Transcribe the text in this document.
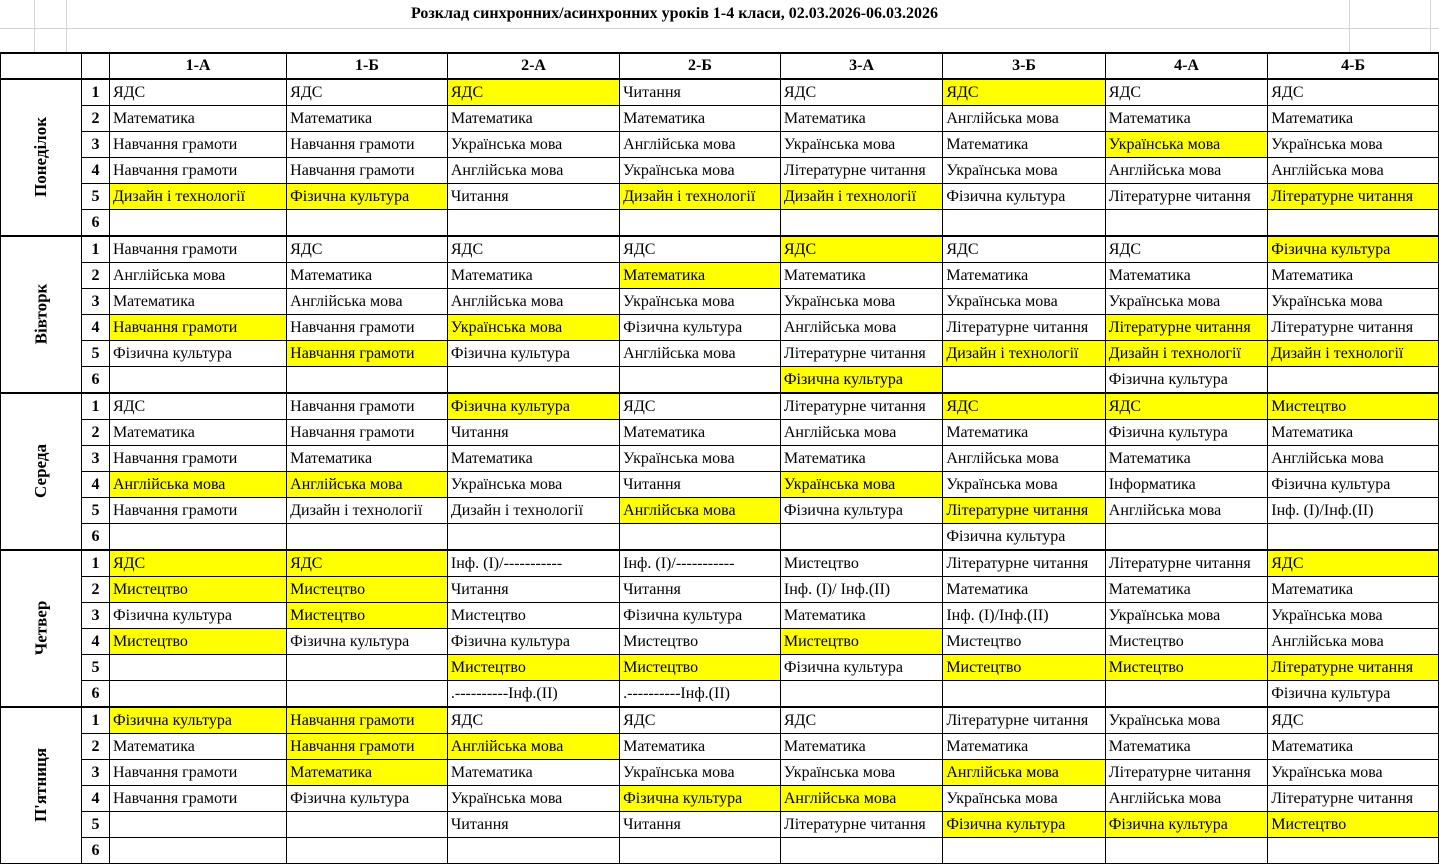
Розклад синхронних/асинхронних уроків 1-4 класи, 02.03.2026-06.03.2026
		1-А	1-Б	2-А	2-Б	3-А	3-Б	4-А	4-Б
Понеділок	1	ЯДС	ЯДС	ЯДС	Читання	ЯДС	ЯДС	ЯДС	ЯДС
	2	Математика	Математика	Математика	Математика	Математика	Англійська мова	Математика	Математика
	3	Навчання грамоти	Навчання грамоти	Українська мова	Англійська мова	Українська мова	Математика	Українська мова	Українська мова
	4	Навчання грамоти	Навчання грамоти	Англійська мова	Українська мова	Літературне читання	Українська мова	Англійська мова	Англійська мова
	5	Дизайн і технології	Фізична культура	Читання	Дизайн і технології	Дизайн і технології	Фізична культура	Літературне читання	Літературне читання
	6								
Вівторк	1	Навчання грамоти	ЯДС	ЯДС	ЯДС	ЯДС	ЯДС	ЯДС	Фізична культура
	2	Англійська мова	Математика	Математика	Математика	Математика	Математика	Математика	Математика
	3	Математика	Англійська мова	Англійська мова	Українська мова	Українська мова	Українська мова	Українська мова	Українська мова
	4	Навчання грамоти	Навчання грамоти	Українська мова	Фізична культура	Англійська мова	Літературне читання	Літературне читання	Літературне читання
	5	Фізична культура	Навчання грамоти	Фізична культура	Англійська мова	Літературне читання	Дизайн і технології	Дизайн і технології	Дизайн і технології
	6					Фізична культура		Фізична культура	
Середа	1	ЯДС	Навчання грамоти	Фізична культура	ЯДС	Літературне читання	ЯДС	ЯДС	Мистецтво
	2	Математика	Навчання грамоти	Читання	Математика	Англійська мова	Математика	Фізична культура	Математика
	3	Навчання грамоти	Математика	Математика	Українська мова	Математика	Англійська мова	Математика	Англійська мова
	4	Англійська мова	Англійська мова	Українська мова	Читання	Українська мова	Українська мова	Інформатика	Фізична культура
	5	Навчання грамоти	Дизайн і технології	Дизайн і технології	Англійська мова	Фізична культура	Літературне читання	Англійська мова	Інф. (І)/Інф.(ІІ)
	6						Фізична культура		
Четвер	1	ЯДС	ЯДС	Інф. (І)/-----------	Інф. (І)/-----------	Мистецтво	Літературне читання	Літературне читання	ЯДС
	2	Мистецтво	Мистецтво	Читання	Читання	Інф. (І)/ Інф.(ІІ)	Математика	Математика	Математика
	3	Фізична культура	Мистецтво	Мистецтво	Фізична культура	Математика	Інф. (І)/Інф.(ІІ)	Українська мова	Українська мова
	4	Мистецтво	Фізична культура	Фізична культура	Мистецтво	Мистецтво	Мистецтво	Мистецтво	Англійська мова
	5			Мистецтво	Мистецтво	Фізична культура	Мистецтво	Мистецтво	Літературне читання
	6			.----------Інф.(ІІ)	.----------Інф.(ІІ)				Фізична культура
П'ятниця	1	Фізична культура	Навчання грамоти	ЯДС	ЯДС	ЯДС	Літературне читання	Українська мова	ЯДС
	2	Математика	Навчання грамоти	Англійська мова	Математика	Математика	Математика	Математика	Математика
	3	Навчання грамоти	Математика	Математика	Українська мова	Українська мова	Англійська мова	Літературне читання	Українська мова
	4	Навчання грамоти	Фізична культура	Українська мова	Фізична культура	Англійська мова	Українська мова	Англійська мова	Літературне читання
	5			Читання	Читання	Літературне читання	Фізична культура	Фізична культура	Мистецтво
	6								
